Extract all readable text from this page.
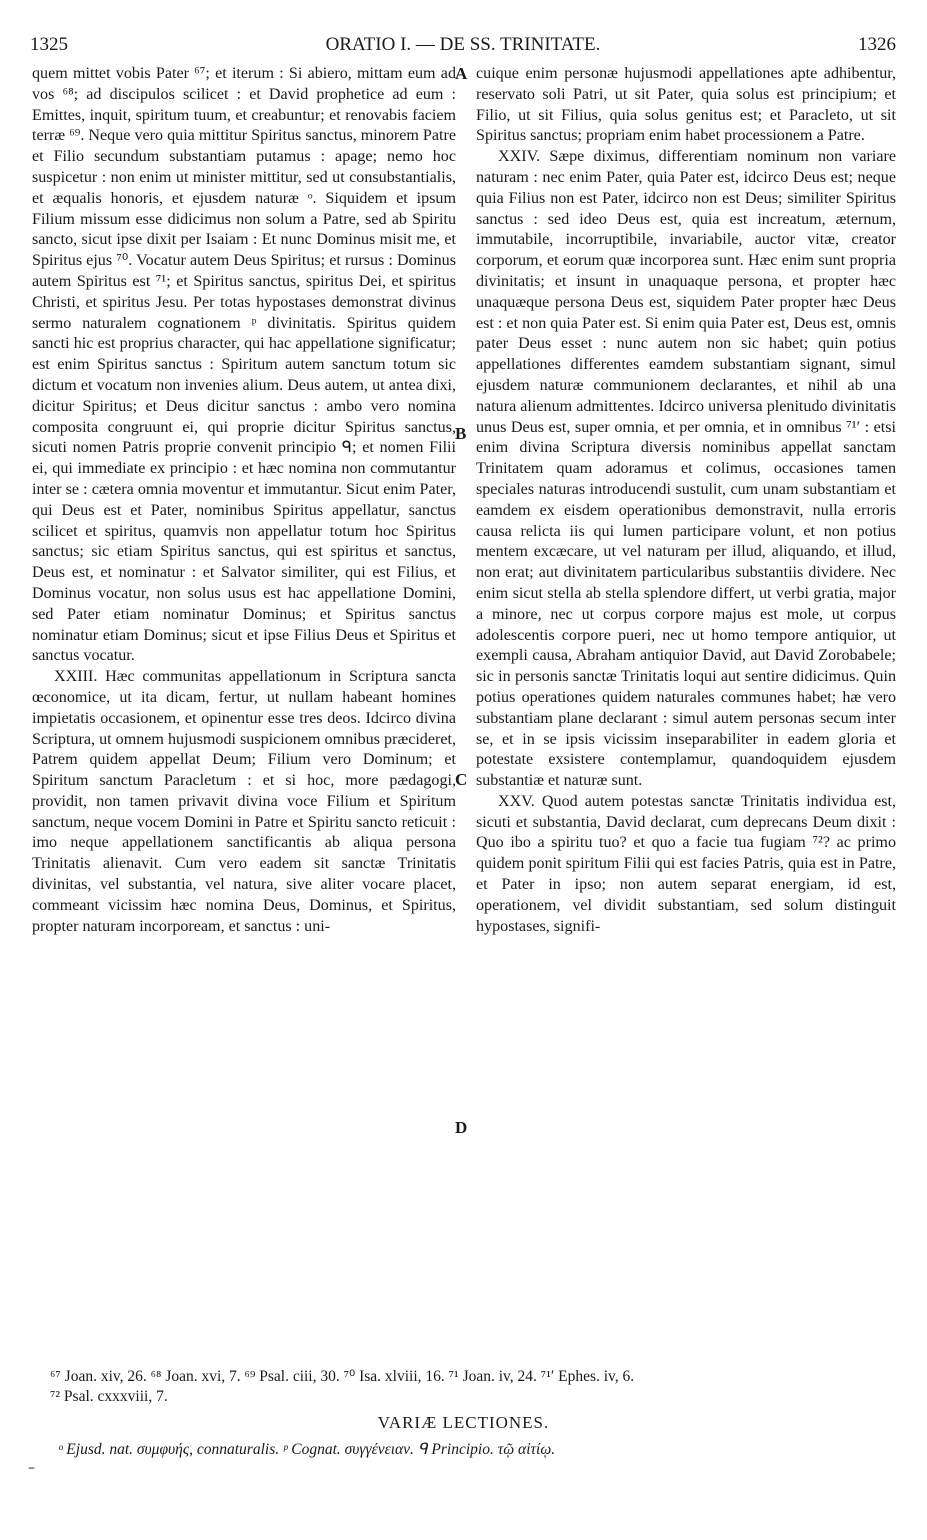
1325	ORATIO I. — DE SS. TRINITATE.	1326

quem mittet vobis Pater ⁶⁷; et iterum : Si abiero, mittam eum ad vos ⁶⁸; ad discipulos scilicet : et David prophetice ad eum : Emittes, inquit, spiritum tuum, et creabuntur; et renovabis faciem terræ ⁶⁹. Neque vero quia mittitur Spiritus sanctus, minorem Patre et Filio secundum substantiam putamus : apage; nemo hoc suspicetur : non enim ut minister mittitur, sed ut consubstantialis, et æqualis honoris, et ejusdem naturæ ᵒ. Siquidem et ipsum Filium missum esse didicimus non solum a Patre, sed ab Spiritu sancto, sicut ipse dixit per Isaiam : Et nunc Dominus misit me, et Spiritus ejus ⁷⁰. Vocatur autem Deus Spiritus; et rursus : Dominus autem Spiritus est ⁷¹; et Spiritus sanctus, spiritus Dei, et spiritus Christi, et spiritus Jesu. Per totas hypostases demonstrat divinus sermo naturalem cognationem ᵖ divinitatis. Spiritus quidem sancti hic est proprius character, qui hac appellatione significatur; est enim Spiritus sanctus : Spiritum autem sanctum totum sic dictum et vocatum non invenies alium. Deus autem, ut antea dixi, dicitur Spiritus; et Deus dicitur sanctus : ambo vero nomina composita congruunt ei, qui proprie dicitur Spiritus sanctus, sicuti nomen Patris proprie convenit principio ᑫ; et nomen Filii ei, qui immediate ex principio : et hæc nomina non commutantur inter se : cætera omnia moventur et immutantur. Sicut enim Pater, qui Deus est et Pater, nominibus Spiritus appellatur, sanctus scilicet et spiritus, quamvis non appellatur totum hoc Spiritus sanctus; sic etiam Spiritus sanctus, qui est spiritus et sanctus, Deus est, et nominatur : et Salvator similiter, qui est Filius, et Dominus vocatur, non solus usus est hac appellatione Domini, sed Pater etiam nominatur Dominus; et Spiritus sanctus nominatur etiam Dominus; sicut et ipse Filius Deus et Spiritus et sanctus vocatur.

XXIII. Hæc communitas appellationum in Scriptura sancta œconomice, ut ita dicam, fertur, ut nullam habeant homines impietatis occasionem, et opinentur esse tres deos. Idcirco divina Scriptura, ut omnem hujusmodi suspicionem omnibus præcideret, Patrem quidem appellat Deum; Filium vero Dominum; et Spiritum sanctum Paracletum : et si hoc, more pædagogi, providit, non tamen privavit divina voce Filium et Spiritum sanctum, neque vocem Domini in Patre et Spiritu sancto reticuit : imo neque appellationem sanctificantis ab aliqua persona Trinitatis alienavit. Cum vero eadem sit sanctæ Trinitatis divinitas, vel substantia, vel natura, sive aliter vocare placet, commeant vicissim hæc nomina Deus, Dominus, et Spiritus, propter naturam incorpoream, et sanctus : uni-

A
B
C
D

cuique enim personæ hujusmodi appellationes apte adhibentur, reservato soli Patri, ut sit Pater, quia solus est principium; et Filio, ut sit Filius, quia solus genitus est; et Paracleto, ut sit Spiritus sanctus; propriam enim habet processionem a Patre.

XXIV. Sæpe diximus, differentiam nominum non variare naturam : nec enim Pater, quia Pater est, idcirco Deus est; neque quia Filius non est Pater, idcirco non est Deus; similiter Spiritus sanctus : sed ideo Deus est, quia est increatum, æternum, immutabile, incorruptibile, invariabile, auctor vitæ, creator corporum, et eorum quæ incorporea sunt. Hæc enim sunt propria divinitatis; et insunt in unaquaque persona, et propter hæc unaquæque persona Deus est, siquidem Pater propter hæc Deus est : et non quia Pater est. Si enim quia Pater est, Deus est, omnis pater Deus esset : nunc autem non sic habet; quin potius appellationes differentes eamdem substantiam signant, simul ejusdem naturæ communionem declarantes, et nihil ab una natura alienum admittentes. Idcirco universa plenitudo divinitatis unus Deus est, super omnia, et per omnia, et in omnibus ⁷¹′ : etsi enim divina Scriptura diversis nominibus appellat sanctam Trinitatem quam adoramus et colimus, occasiones tamen speciales naturas introducendi sustulit, cum unam substantiam et eamdem ex eisdem operationibus demonstravit, nulla erroris causa relicta iis qui lumen participare volunt, et non potius mentem excæcare, ut vel naturam per illud, aliquando, et illud, non erat; aut divinitatem particularibus substantiis dividere. Nec enim sicut stella ab stella splendore differt, ut verbi gratia, major a minore, nec ut corpus corpore majus est mole, ut corpus adolescentis corpore pueri, nec ut homo tempore antiquior, ut exempli causa, Abraham antiquior David, aut David Zorobabele; sic in personis sanctæ Trinitatis loqui aut sentire didicimus. Quin potius operationes quidem naturales communes habet; hæ vero substantiam plane declarant : simul autem personas secum inter se, et in se ipsis vicissim inseparabiliter in eadem gloria et potestate exsistere contemplamur, quandoquidem ejusdem substantiæ et naturæ sunt.

XXV. Quod autem potestas sanctæ Trinitatis individua est, sicuti et substantia, David declarat, cum deprecans Deum dixit : Quo ibo a spiritu tuo? et quo a facie tua fugiam ⁷²? ac primo quidem ponit spiritum Filii qui est facies Patris, quia est in Patre, et Pater in ipso; non autem separat energiam, id est, operationem, vel dividit substantiam, sed solum distinguit hypostases, signifi-

⁶⁷ Joan. xiv, 26. ⁶⁸ Joan. xvi, 7. ⁶⁹ Psal. ciii, 30. ⁷⁰ Isa. xlviii, 16. ⁷¹ Joan. iv, 24. ⁷¹′ Ephes. iv, 6.

⁷² Psal. cxxxviii, 7.

VARIÆ LECTIONES.
ᵒ Ejusd. nat. συμφυής, connaturalis. ᵖ Cognat. συγγένειαν. ᑫ Principio. τῷ αἰτίῳ.
–
